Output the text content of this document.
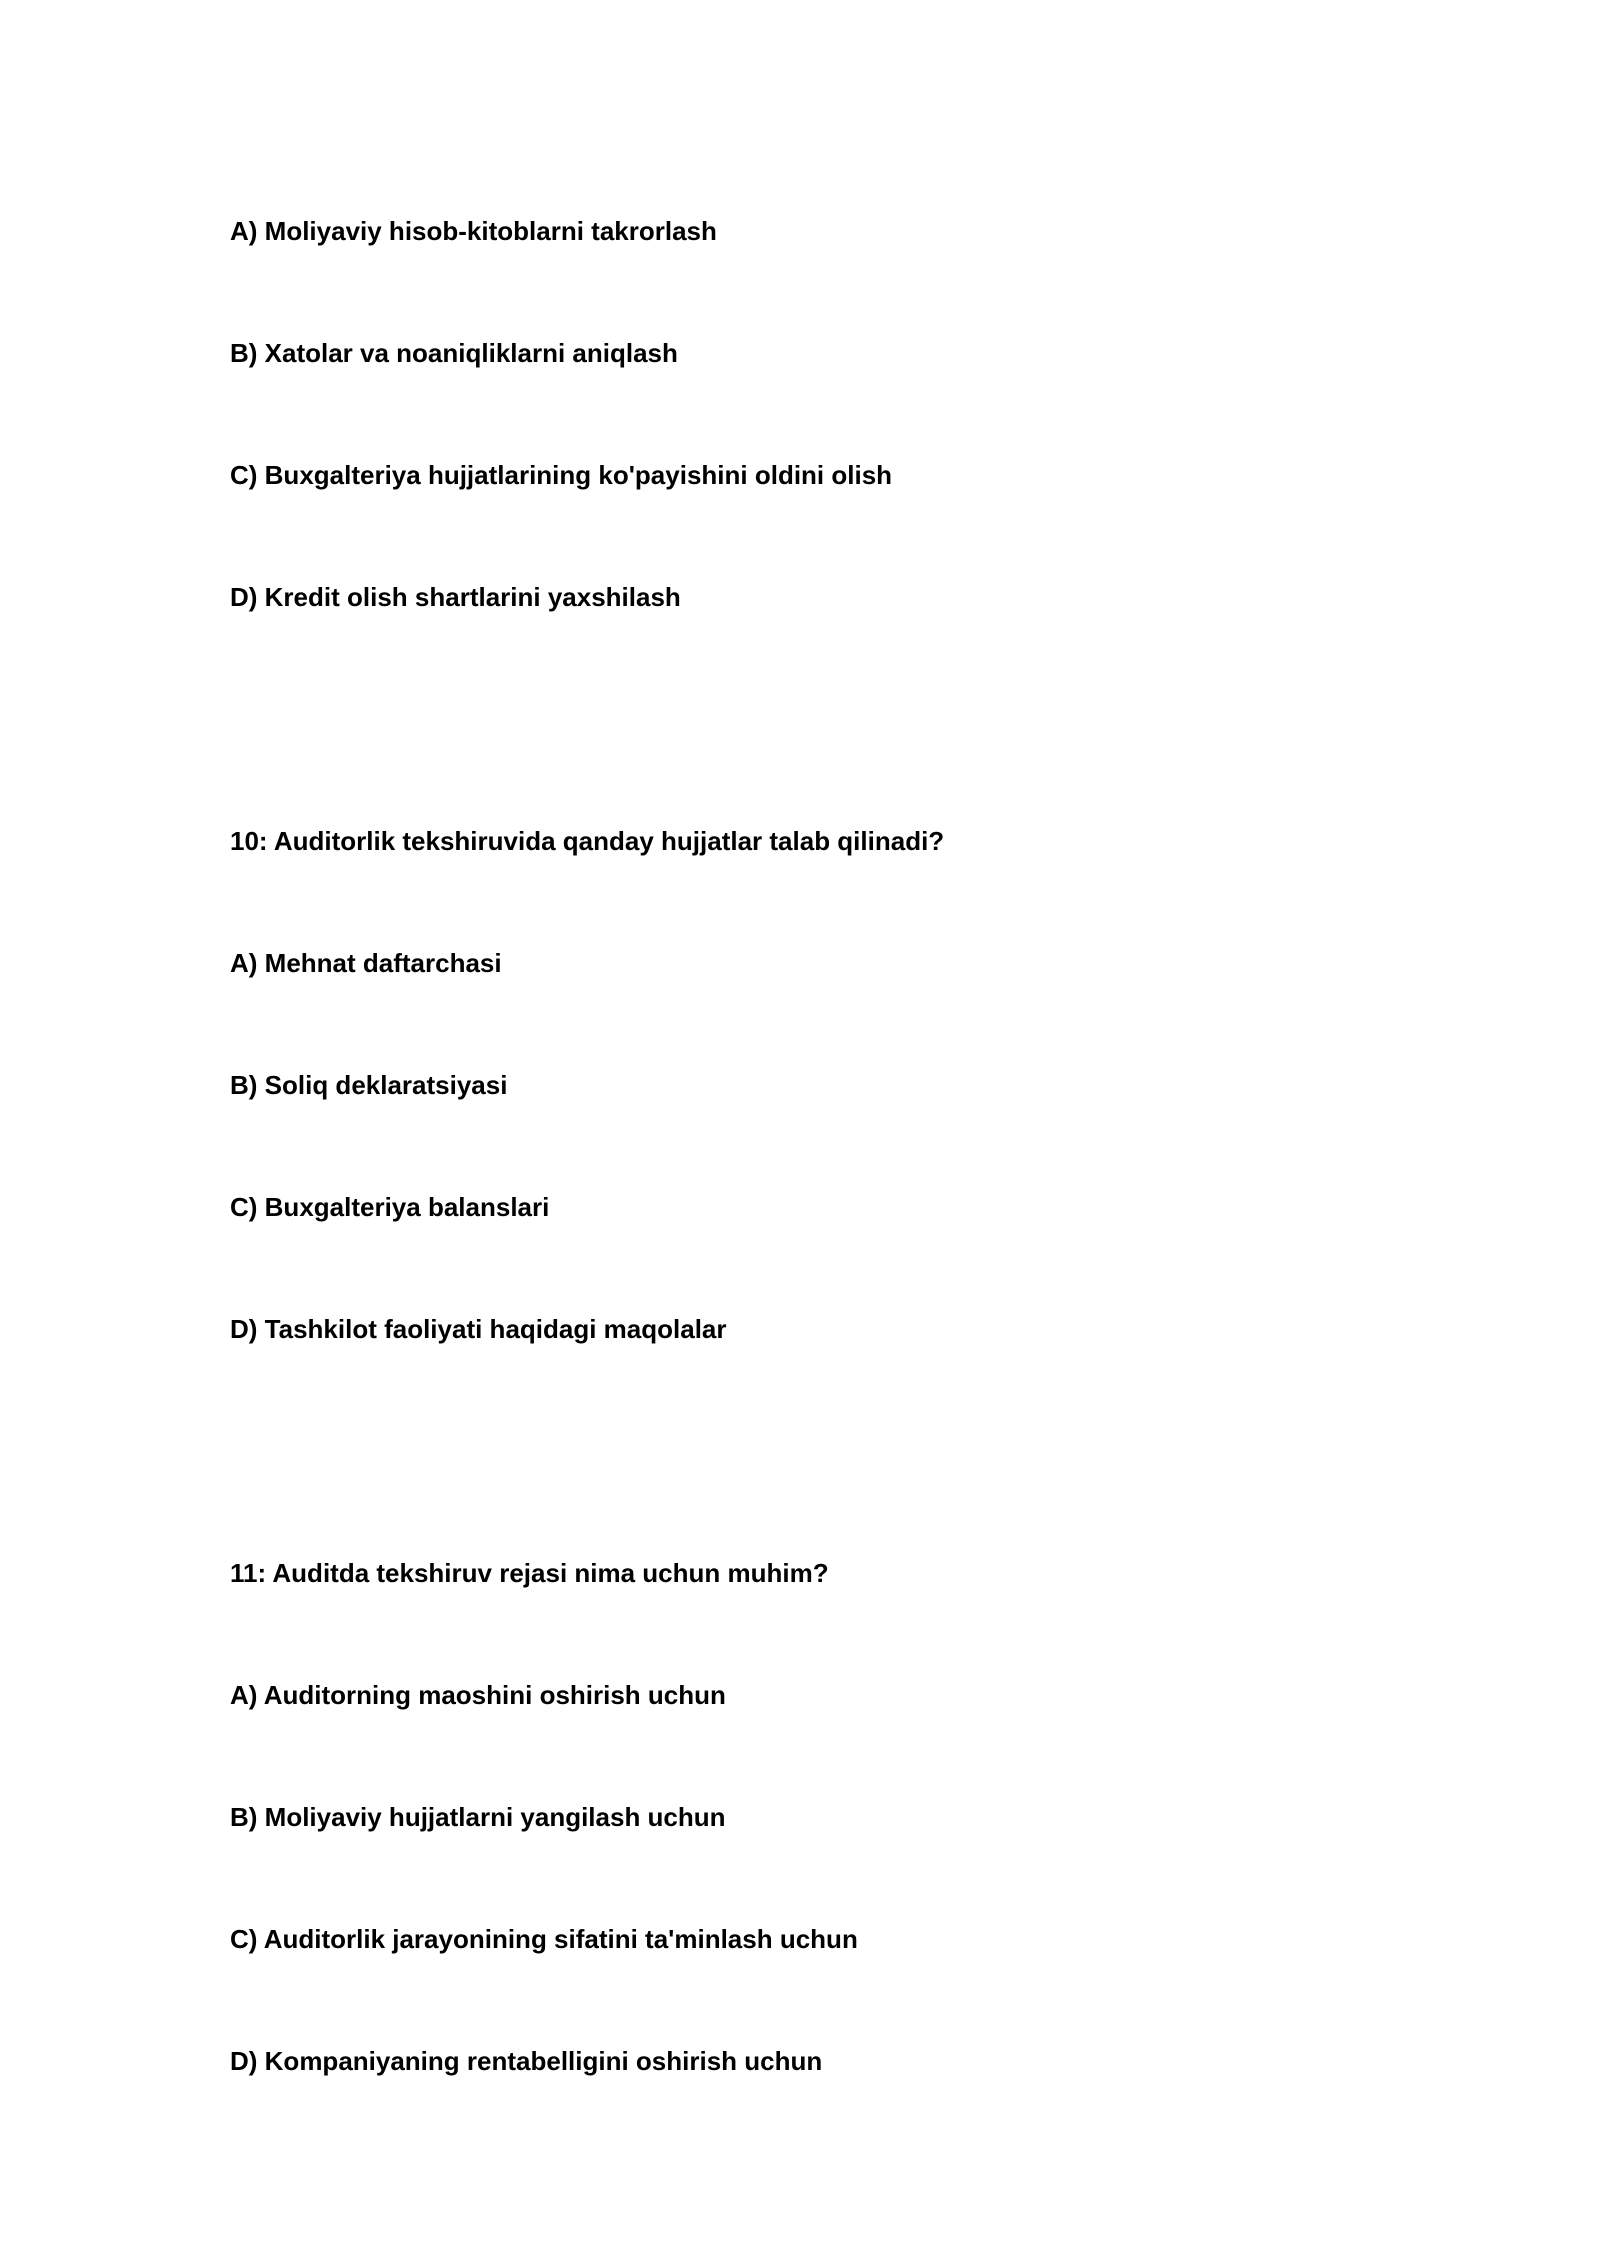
A) Moliyaviy hisob-kitoblarni takrorlash

B) Xatolar va noaniqliklarni aniqlash

C) Buxgalteriya hujjatlarining ko'payishini oldini olish

D) Kredit olish shartlarini yaxshilash

10: Auditorlik tekshiruvida qanday hujjatlar talab qilinadi?

A) Mehnat daftarchasi

B) Soliq deklaratsiyasi

C) Buxgalteriya balanslari

D) Tashkilot faoliyati haqidagi maqolalar

11: Auditda tekshiruv rejasi nima uchun muhim?

A) Auditorning maoshini oshirish uchun

B) Moliyaviy hujjatlarni yangilash uchun

C) Auditorlik jarayonining sifatini ta'minlash uchun

D) Kompaniyaning rentabelligini oshirish uchun
